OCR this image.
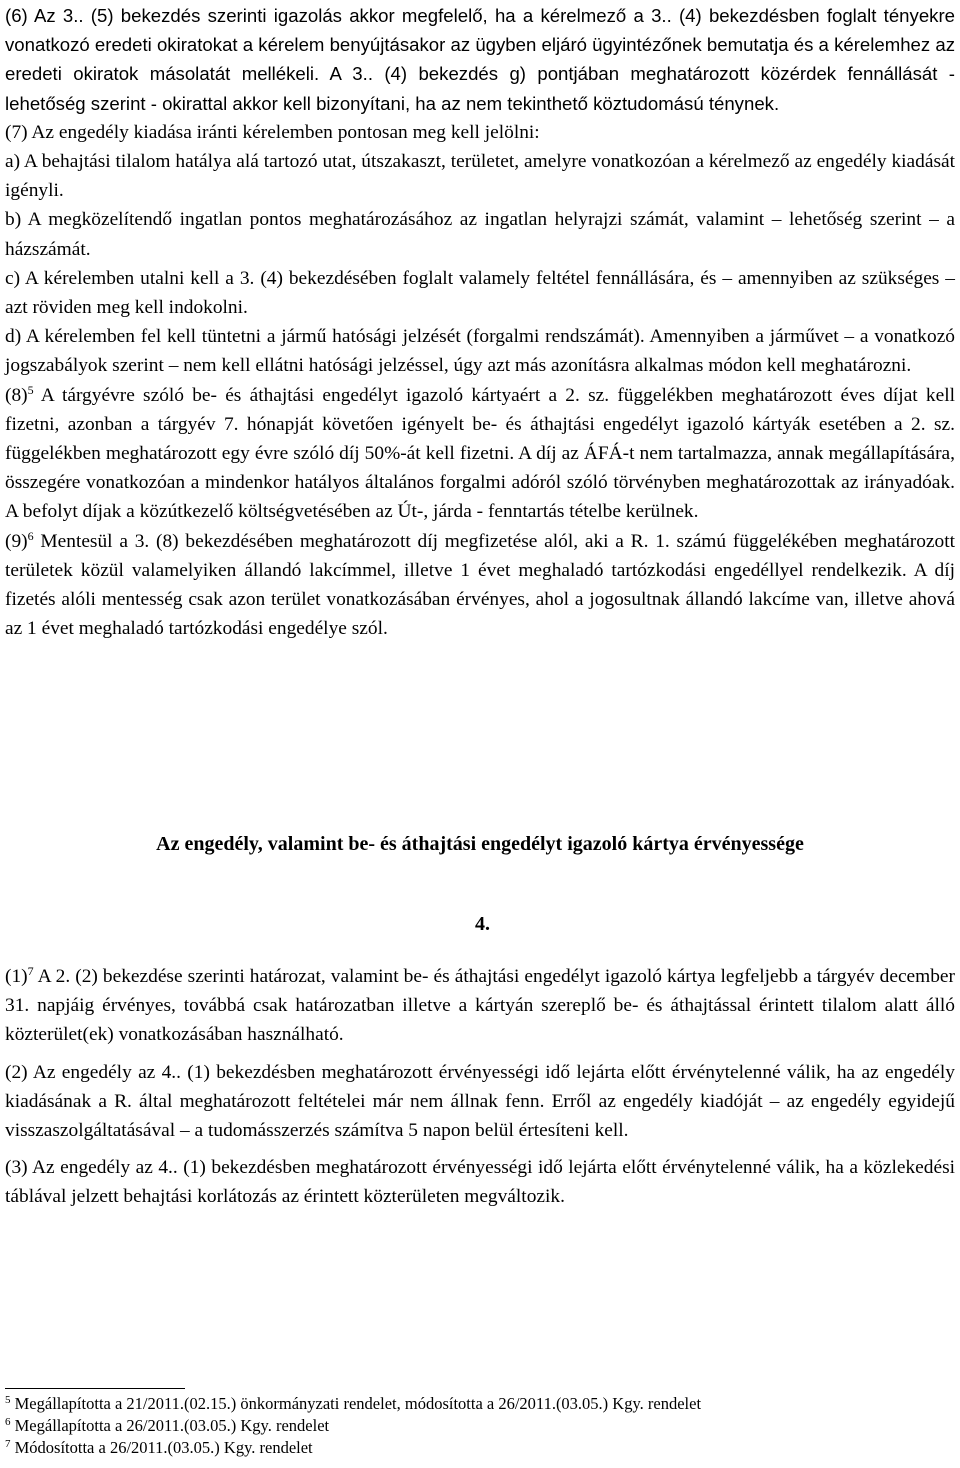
(6) Az 3.. (5) bekezdés szerinti igazolás akkor megfelelő, ha a kérelmező a 3.. (4) bekezdésben foglalt tényekre vonatkozó eredeti okiratokat a kérelem benyújtásakor az ügyben eljáró ügyintézőnek bemutatja és a kérelemhez az eredeti okiratok másolatát mellékeli. A 3.. (4) bekezdés g) pontjában meghatározott közérdek fennállását - lehetőség szerint - okirattal akkor kell bizonyítani, ha az nem tekinthető köztudomású ténynek.

(7) Az engedély kiadása iránti kérelemben pontosan meg kell jelölni:

a) A behajtási tilalom hatálya alá tartozó utat, útszakaszt, területet, amelyre vonatkozóan a kérelmező az engedély kiadását igényli.

b) A megközelítendő ingatlan pontos meghatározásához az ingatlan helyrajzi számát, valamint – lehetőség szerint – a házszámát.

c) A kérelemben utalni kell a 3. (4) bekezdésében foglalt valamely feltétel fennállására, és – amennyiben az szükséges – azt röviden meg kell indokolni.

d) A kérelemben fel kell tüntetni a jármű hatósági jelzését (forgalmi rendszámát). Amennyiben a járművet – a vonatkozó jogszabályok szerint – nem kell ellátni hatósági jelzéssel, úgy azt más azonításra alkalmas módon kell meghatározni.

$(8)^5$ A tárgyévre szóló be- és áthajtási engedélyt igazoló kártyaért a 2. sz. függelékben meghatározott éves díjat kell fizetni, azonban a tárgyév 7. hónapját követően igényelt be- és áthajtási engedélyt igazoló kártyák esetében a 2. sz. függelékben meghatározott egy évre szóló díj 50%-át kell fizetni. A díj az ÁFÁ-t nem tartalmazza, annak megállapítására, összegére vonatkozóan a mindenkor hatályos általános forgalmi adóról szóló törvényben meghatározottak az irányadóak. A befolyt díjak a közútkezelő költségvetésében az Út-, járda - fenntartás tételbe kerülnek.

$(9)^6$ Mentesül a 3. (8) bekezdésében meghatározott díj megfizetése alól, aki a R. 1. számú függelékében meghatározott területek közül valamelyiken állandó lakcímmel, illetve 1 évet meghaladó tartózkodási engedéllyel rendelkezik. A díj fizetés alóli mentesség csak azon terület vonatkozásában érvényes, ahol a jogosultnak állandó lakcíme van, illetve ahová az 1 évet meghaladó tartózkodási engedélye szól.

Az engedély, valamint be- és áthajtási engedélyt igazoló kártya érvényessége

4.

$(1)^7$ A 2. (2) bekezdése szerinti határozat, valamint be- és áthajtási engedélyt igazoló kártya legfeljebb a tárgyév december 31. napjáig érvényes, továbbá csak határozatban illetve a kártyán szereplő be- és áthajtással érintett tilalom alatt álló közterület(ek) vonatkozásában használható.

(2) Az engedély az 4.. (1) bekezdésben meghatározott érvényességi idő lejárta előtt érvénytelenné válik, ha az engedély kiadásának a R. által meghatározott feltételei már nem állnak fenn. Erről az engedély kiadóját – az engedély egyidejű visszaszolgáltatásával – a tudomásszerzés számítva 5 napon belül értesíteni kell.

(3) Az engedély az 4.. (1) bekezdésben meghatározott érvényességi idő lejárta előtt érvénytelenné válik, ha a közlekedési táblával jelzett behajtási korlátozás az érintett közterületen megváltozik.

$^5$ Megállapította a 21/2011.(02.15.) önkormányzati rendelet, módosította a 26/2011.(03.05.) Kgy. rendelet

$^6$ Megállapította a 26/2011.(03.05.) Kgy. rendelet

$^7$ Módosította a 26/2011.(03.05.) Kgy. rendelet
